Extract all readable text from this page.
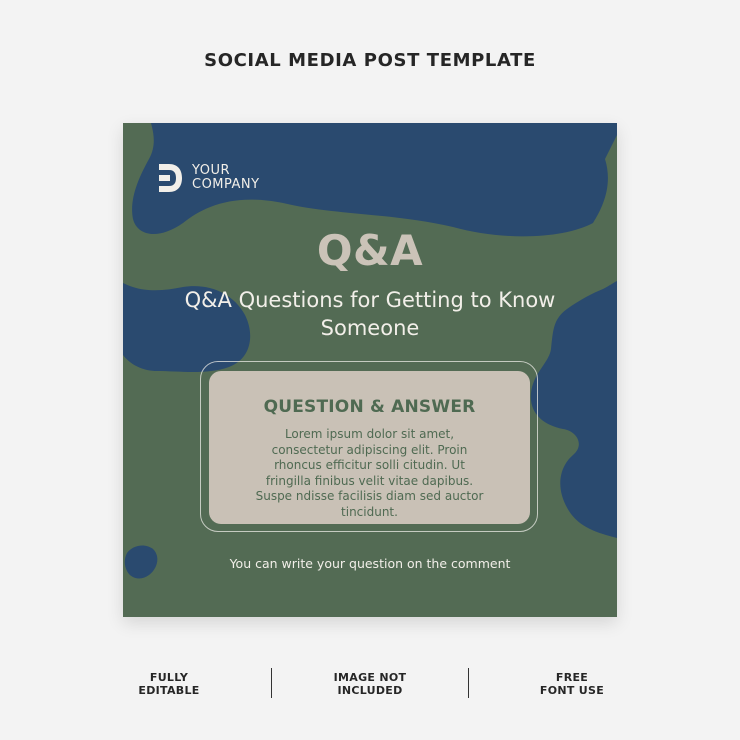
SOCIAL MEDIA POST TEMPLATE
YOUR
COMPANY
Q&A
Q&A Questions for Getting to Know Someone
QUESTION & ANSWER
Lorem ipsum dolor sit amet, consectetur adipiscing elit. Proin rhoncus efficitur solli citudin. Ut fringilla finibus velit vitae dapibus. Suspe ndisse facilisis diam sed auctor tincidunt.
You can write your question on the comment
FULLY
EDITABLE
IMAGE NOT
INCLUDED
FREE
FONT USE
